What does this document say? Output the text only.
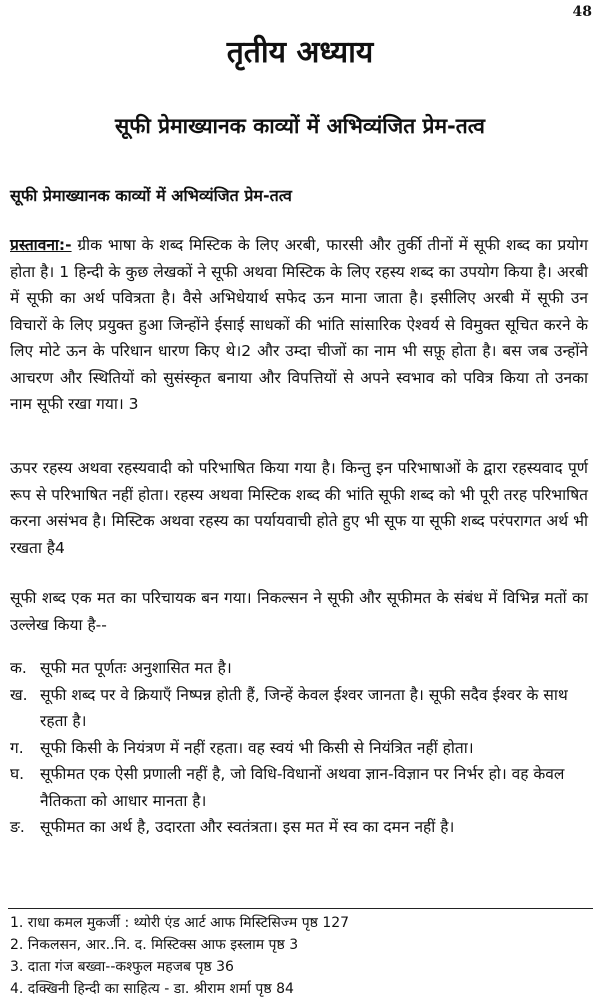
48
तृतीय अध्याय
सूफी प्रेमाख्यानक काव्यों में अभिव्यंजित प्रेम-तत्व
सूफी प्रेमाख्यानक काव्यों में अभिव्यंजित प्रेम-तत्व
प्रस्तावना:- ग्रीक भाषा के शब्द मिस्टिक के लिए अरबी, फारसी और तुर्की तीनों में सूफी शब्द का प्रयोग होता है। 1 हिन्दी के कुछ लेखकों ने सूफी अथवा मिस्टिक के लिए रहस्य शब्द का उपयोग किया है। अरबी में सूफी का अर्थ पवित्रता है। वैसे अभिधेयार्थ सफेद ऊन माना जाता है। इसीलिए अरबी में सूफी उन विचारों के लिए प्रयुक्त हुआ जिन्होंने ईसाई साधकों की भांति सांसारिक ऐश्वर्य से विमुक्त सूचित करने के लिए मोटे ऊन के परिधान धारण किए थे।2 और उम्दा चीजों का नाम भी सफ़ू होता है। बस जब उन्होंने आचरण और स्थितियों को सुसंस्कृत बनाया और विपत्तियों से अपने स्वभाव को पवित्र किया तो उनका नाम सूफी रखा गया। 3
ऊपर रहस्य अथवा रहस्यवादी को परिभाषित किया गया है। किन्तु इन परिभाषाओं के द्वारा रहस्यवाद पूर्ण रूप से परिभाषित नहीं होता। रहस्य अथवा मिस्टिक शब्द की भांति सूफी शब्द को भी पूरी तरह परिभाषित करना असंभव है। मिस्टिक अथवा रहस्य का पर्यायवाची होते हुए भी सूफ या सूफी शब्द परंपरागत अर्थ भी रखता है4
सूफी शब्द एक मत का परिचायक बन गया। निकल्सन ने सूफी और सूफीमत के संबंध में विभिन्न मतों का उल्लेख किया है--
क. सूफी मत पूर्णतः अनुशासित मत है।
ख. सूफी शब्द पर वे क्रियाएँ निष्पन्न होती हैं, जिन्हें केवल ईश्वर जानता है। सूफी सदैव ईश्वर के साथ रहता है।
ग.	सूफी किसी के नियंत्रण में नहीं रहता। वह स्वयं भी किसी से नियंत्रित नहीं होता।
घ.	सूफीमत एक ऐसी प्रणाली नहीं है, जो विधि-विधानों अथवा ज्ञान-विज्ञान पर निर्भर हो। वह केवल नैतिकता को आधार मानता है।
ङ. सूफीमत का अर्थ है, उदारता और स्वतंत्रता। इस मत में स्व का दमन नहीं है।
1. राधा कमल मुकर्जी : थ्योरी एंड आर्ट आफ मिस्टिसिज्म पृष्ठ 127
2. निकलसन, आर..नि. द. मिस्टिक्स आफ इस्लाम पृष्ठ 3
3. दाता गंज बख्वा--कश्फुल महजब पृष्ठ 36
4. दक्खिनी हिन्दी का साहित्य - डा. श्रीराम शर्मा पृष्ठ 84
